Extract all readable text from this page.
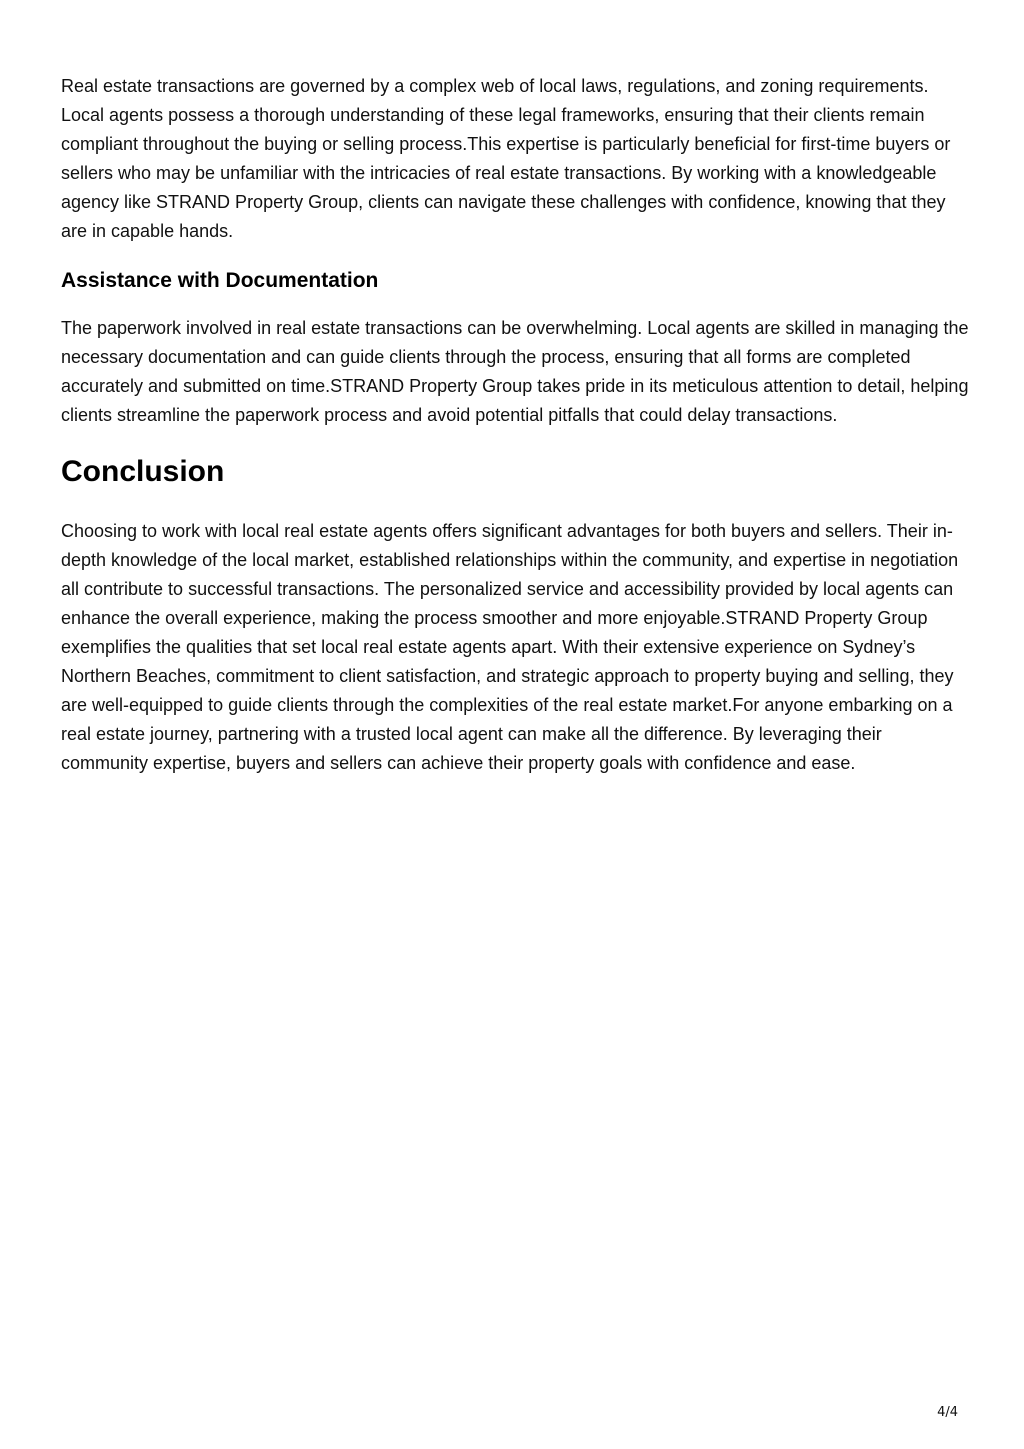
Real estate transactions are governed by a complex web of local laws, regulations, and zoning requirements. Local agents possess a thorough understanding of these legal frameworks, ensuring that their clients remain compliant throughout the buying or selling process.This expertise is particularly beneficial for first-time buyers or sellers who may be unfamiliar with the intricacies of real estate transactions. By working with a knowledgeable agency like STRAND Property Group, clients can navigate these challenges with confidence, knowing that they are in capable hands.

Assistance with Documentation

The paperwork involved in real estate transactions can be overwhelming. Local agents are skilled in managing the necessary documentation and can guide clients through the process, ensuring that all forms are completed accurately and submitted on time.STRAND Property Group takes pride in its meticulous attention to detail, helping clients streamline the paperwork process and avoid potential pitfalls that could delay transactions.

Conclusion

Choosing to work with local real estate agents offers significant advantages for both buyers and sellers. Their in-depth knowledge of the local market, established relationships within the community, and expertise in negotiation all contribute to successful transactions. The personalized service and accessibility provided by local agents can enhance the overall experience, making the process smoother and more enjoyable.STRAND Property Group exemplifies the qualities that set local real estate agents apart. With their extensive experience on Sydney’s Northern Beaches, commitment to client satisfaction, and strategic approach to property buying and selling, they are well-equipped to guide clients through the complexities of the real estate market.For anyone embarking on a real estate journey, partnering with a trusted local agent can make all the difference. By leveraging their community expertise, buyers and sellers can achieve their property goals with confidence and ease.

4/4
